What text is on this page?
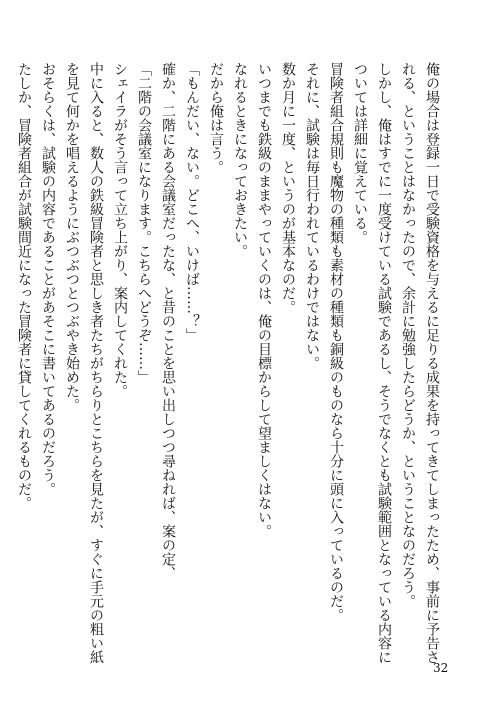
俺の場合は登録一日で受験資格を与えるに足りる成果を持ってきてしまったため、事前に予告さ
れる、ということはなかったので、余計に勉強したらどうか、ということなのだろう。
しかし、俺はすでに一度受けている試験であるし、そうでなくとも試験範囲となっている内容に
ついては詳細に覚えている。
冒険者組合規則も魔物の種類も素材の種類も銅級のものなら十分に頭に入っているのだ。
それに、試験は毎日行われているわけではない。
数か月に一度、というのが基本なのだ。
いつまでも鉄級のままやっていくのは、俺の目標からして望ましくはない。
なれるときになっておきたい。
だから俺は言う。
「もんだい、ない。どこへ、いけば……？」
確か、二階にある会議室だったな、と昔のことを思い出しつつ尋ねれば、案の定、
「二階の会議室になります。こちらへどうぞ……」
シェイラがそう言って立ち上がり、案内してくれた。
中に入ると、数人の鉄級冒険者と思しき者たちがちらりとこちらを見たが、すぐに手元の粗い紙
を見て何かを唱えるようにぶつぶつとつぶやき始めた。
おそらくは、試験の内容であることがあそこに書いてあるのだろう。
たしか、冒険者組合が試験間近になった冒険者に貸してくれるものだ。
32
